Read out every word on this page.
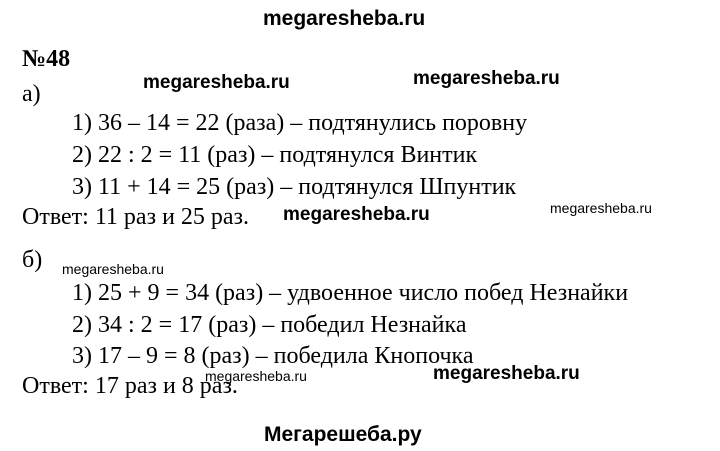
megaresheba.ru
№48
megaresheba.ru	megaresheba.ru
а)
1) 36 – 14 = 22 (раза) – подтянулись поровну
2) 22 : 2 = 11 (раз) – подтянулся Винтик
3) 11 + 14 = 25 (раз) – подтянулся Шпунтик
Ответ: 11 раз и 25 раз. megaresheba.ru	megaresheba.ru
б) megaresheba.ru
1) 25 + 9 = 34 (раз) – удвоенное число побед Незнайки
2) 34 : 2 = 17 (раз) – победил Незнайка
3) 17 – 9 = 8 (раз) – победила Кнопочка
Ответ: 17 раз и 8 раз.
megaresheba.ru	megaresheba.ru
Мегарешеба.ру
